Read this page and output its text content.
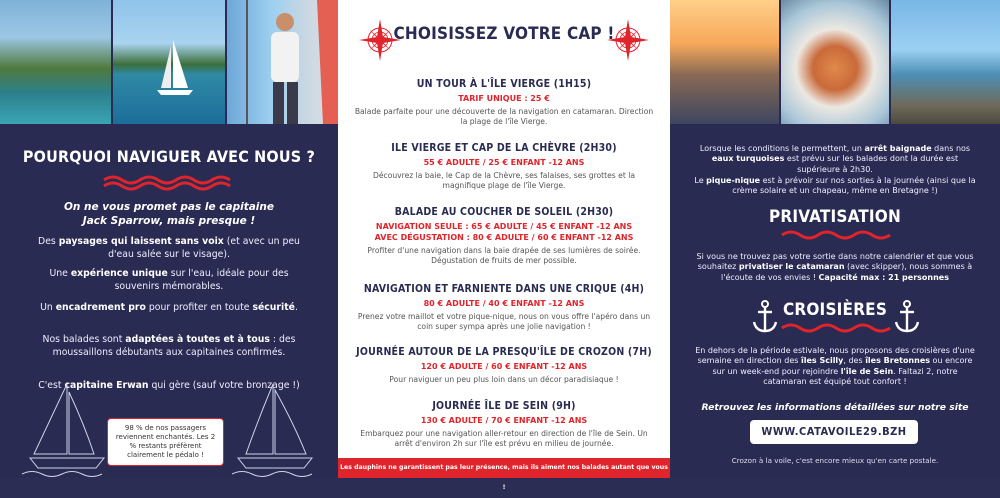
POURQUOI NAVIGUER AVEC NOUS ?
On ne vous promet pas le capitaine
Jack Sparrow, mais presque !
Des paysages qui laissent sans voix (et avec un peu d'eau salée sur le visage).
Une expérience unique sur l'eau, idéale pour des souvenirs mémorables.
Un encadrement pro pour profiter en toute sécurité.
Nos balades sont adaptées à toutes et à tous : des moussaillons débutants aux capitaines confirmés.
C'est capitaine Erwan qui gère (sauf votre bronzage !)
98 % de nos passagers reviennent enchantés. Les 2 % restants préfèrent clairement le pédalo !
CHOISISSEZ VOTRE CAP !
UN TOUR À L'ÎLE VIERGE (1H15)
TARIF UNIQUE : 25 €
Balade parfaite pour une découverte de la navigation en catamaran. Direction la plage de l'île Vierge.
ILE VIERGE ET CAP DE LA CHÈVRE (2H30)
55 € ADULTE / 25 € ENFANT -12 ANS
Découvrez la baie, le Cap de la Chèvre, ses falaises, ses grottes et la magnifique plage de l'île Vierge.
BALADE AU COUCHER DE SOLEIL (2H30)
NAVIGATION SEULE : 65 € ADULTE / 45 € ENFANT -12 ANS
AVEC DÉGUSTATION : 80 € ADULTE / 60 € ENFANT -12 ANS
Profiter d'une navigation dans la baie drapée de ses lumières de soirée. Dégustation de fruits de mer possible.
NAVIGATION ET FARNIENTE DANS UNE CRIQUE (4H)
80 € ADULTE / 40 € ENFANT -12 ANS
Prenez votre maillot et votre pique-nique, nous on vous offre l'apéro dans un coin super sympa après une jolie navigation !
JOURNÉE AUTOUR DE LA PRESQU'ÎLE DE CROZON (7H)
120 € ADULTE / 60 € ENFANT -12 ANS
Pour naviguer un peu plus loin dans un décor paradisiaque !
JOURNÉE ÎLE DE SEIN (9H)
130 € ADULTE / 70 € ENFANT -12 ANS
Embarquez pour une navigation aller-retour en direction de l'île de Sein. Un arrêt d'environ 2h sur l'île est prévu en milieu de journée.
Les dauphins ne garantissent pas leur présence, mais ils aiment nos balades autant que vous !
Lorsque les conditions le permettent, un arrêt baignade dans nos eaux turquoises est prévu sur les balades dont la durée est supérieure à 2h30.
Le pique-nique est à prévoir sur nos sorties à la journée (ainsi que la crème solaire et un chapeau, même en Bretagne !)
PRIVATISATION
Si vous ne trouvez pas votre sortie dans notre calendrier et que vous souhaitez privatiser le catamaran (avec skipper), nous sommes à l'écoute de vos envies ! Capacité max : 21 personnes
CROISIÈRES
En dehors de la période estivale, nous proposons des croisières d'une semaine en direction des îles Scilly, des îles Bretonnes ou encore sur un week-end pour rejoindre l'île de Sein. Faltazi 2, notre catamaran est équipé tout confort !
Retrouvez les informations détaillées sur notre site
WWW.CATAVOILE29.BZH
Crozon à la voile, c'est encore mieux qu'en carte postale.
